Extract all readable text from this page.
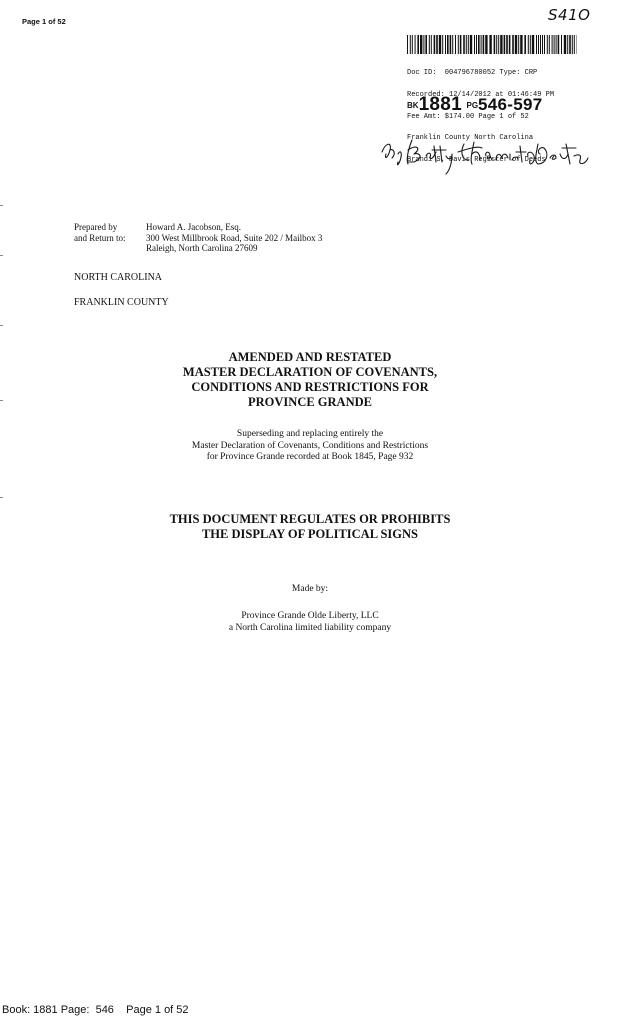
Page 1 of 52	S41O

Doc ID:  004796780052 Type: CRP

Recorded: 12/14/2012 at 01:46:49 PM

Fee Amt: $174.00 Page 1 of 52

Franklin County North Carolina

Brandi S. Davis Register of Deeds

BK1881 PG546-597
Prepared by
and Return to:
Howard A. Jacobson, Esq.
300 West Millbrook Road, Suite 202 / Mailbox 3
Raleigh, North Carolina 27609
NORTH CAROLINA
FRANKLIN COUNTY
AMENDED AND RESTATED
MASTER DECLARATION OF COVENANTS,
CONDITIONS AND RESTRICTIONS FOR
PROVINCE GRANDE
Superseding and replacing entirely the
Master Declaration of Covenants, Conditions and Restrictions
for Province Grande recorded at Book 1845, Page 932
THIS DOCUMENT REGULATES OR PROHIBITS
THE DISPLAY OF POLITICAL SIGNS
Made by:
Province Grande Olde Liberty, LLC
a North Carolina limited liability company
Book: 1881 Page:  546    Page 1 of 52
